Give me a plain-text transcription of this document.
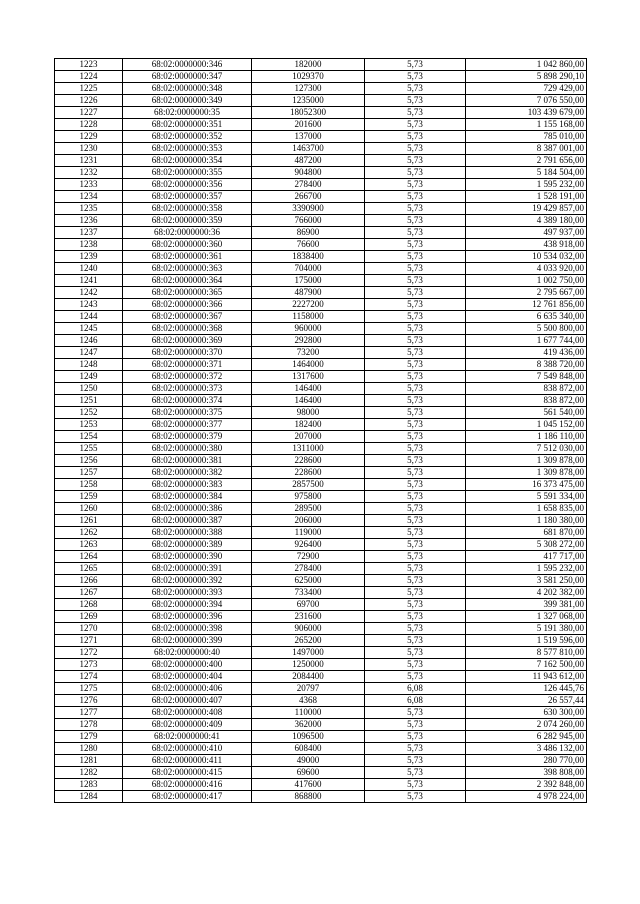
1223	68:02:0000000:346	182000	5,73	1 042 860,00
1224	68:02:0000000:347	1029370	5,73	5 898 290,10
1225	68:02:0000000:348	127300	5,73	729 429,00
1226	68:02:0000000:349	1235000	5,73	7 076 550,00
1227	68:02:0000000:35	18052300	5,73	103 439 679,00
1228	68:02:0000000:351	201600	5,73	1 155 168,00
1229	68:02:0000000:352	137000	5,73	785 010,00
1230	68:02:0000000:353	1463700	5,73	8 387 001,00
1231	68:02:0000000:354	487200	5,73	2 791 656,00
1232	68:02:0000000:355	904800	5,73	5 184 504,00
1233	68:02:0000000:356	278400	5,73	1 595 232,00
1234	68:02:0000000:357	266700	5,73	1 528 191,00
1235	68:02:0000000:358	3390900	5,73	19 429 857,00
1236	68:02:0000000:359	766000	5,73	4 389 180,00
1237	68:02:0000000:36	86900	5,73	497 937,00
1238	68:02:0000000:360	76600	5,73	438 918,00
1239	68:02:0000000:361	1838400	5,73	10 534 032,00
1240	68:02:0000000:363	704000	5,73	4 033 920,00
1241	68:02:0000000:364	175000	5,73	1 002 750,00
1242	68:02:0000000:365	487900	5,73	2 795 667,00
1243	68:02:0000000:366	2227200	5,73	12 761 856,00
1244	68:02:0000000:367	1158000	5,73	6 635 340,00
1245	68:02:0000000:368	960000	5,73	5 500 800,00
1246	68:02:0000000:369	292800	5,73	1 677 744,00
1247	68:02:0000000:370	73200	5,73	419 436,00
1248	68:02:0000000:371	1464000	5,73	8 388 720,00
1249	68:02:0000000:372	1317600	5,73	7 549 848,00
1250	68:02:0000000:373	146400	5,73	838 872,00
1251	68:02:0000000:374	146400	5,73	838 872,00
1252	68:02:0000000:375	98000	5,73	561 540,00
1253	68:02:0000000:377	182400	5,73	1 045 152,00
1254	68:02:0000000:379	207000	5,73	1 186 110,00
1255	68:02:0000000:380	1311000	5,73	7 512 030,00
1256	68:02:0000000:381	228600	5,73	1 309 878,00
1257	68:02:0000000:382	228600	5,73	1 309 878,00
1258	68:02:0000000:383	2857500	5,73	16 373 475,00
1259	68:02:0000000:384	975800	5,73	5 591 334,00
1260	68:02:0000000:386	289500	5,73	1 658 835,00
1261	68:02:0000000:387	206000	5,73	1 180 380,00
1262	68:02:0000000:388	119000	5,73	681 870,00
1263	68:02:0000000:389	926400	5,73	5 308 272,00
1264	68:02:0000000:390	72900	5,73	417 717,00
1265	68:02:0000000:391	278400	5,73	1 595 232,00
1266	68:02:0000000:392	625000	5,73	3 581 250,00
1267	68:02:0000000:393	733400	5,73	4 202 382,00
1268	68:02:0000000:394	69700	5,73	399 381,00
1269	68:02:0000000:396	231600	5,73	1 327 068,00
1270	68:02:0000000:398	906000	5,73	5 191 380,00
1271	68:02:0000000:399	265200	5,73	1 519 596,00
1272	68:02:0000000:40	1497000	5,73	8 577 810,00
1273	68:02:0000000:400	1250000	5,73	7 162 500,00
1274	68:02:0000000:404	2084400	5,73	11 943 612,00
1275	68:02:0000000:406	20797	6,08	126 445,76
1276	68:02:0000000:407	4368	6,08	26 557,44
1277	68:02:0000000:408	110000	5,73	630 300,00
1278	68:02:0000000:409	362000	5,73	2 074 260,00
1279	68:02:0000000:41	1096500	5,73	6 282 945,00
1280	68:02:0000000:410	608400	5,73	3 486 132,00
1281	68:02:0000000:411	49000	5,73	280 770,00
1282	68:02:0000000:415	69600	5,73	398 808,00
1283	68:02:0000000:416	417600	5,73	2 392 848,00
1284	68:02:0000000:417	868800	5,73	4 978 224,00
